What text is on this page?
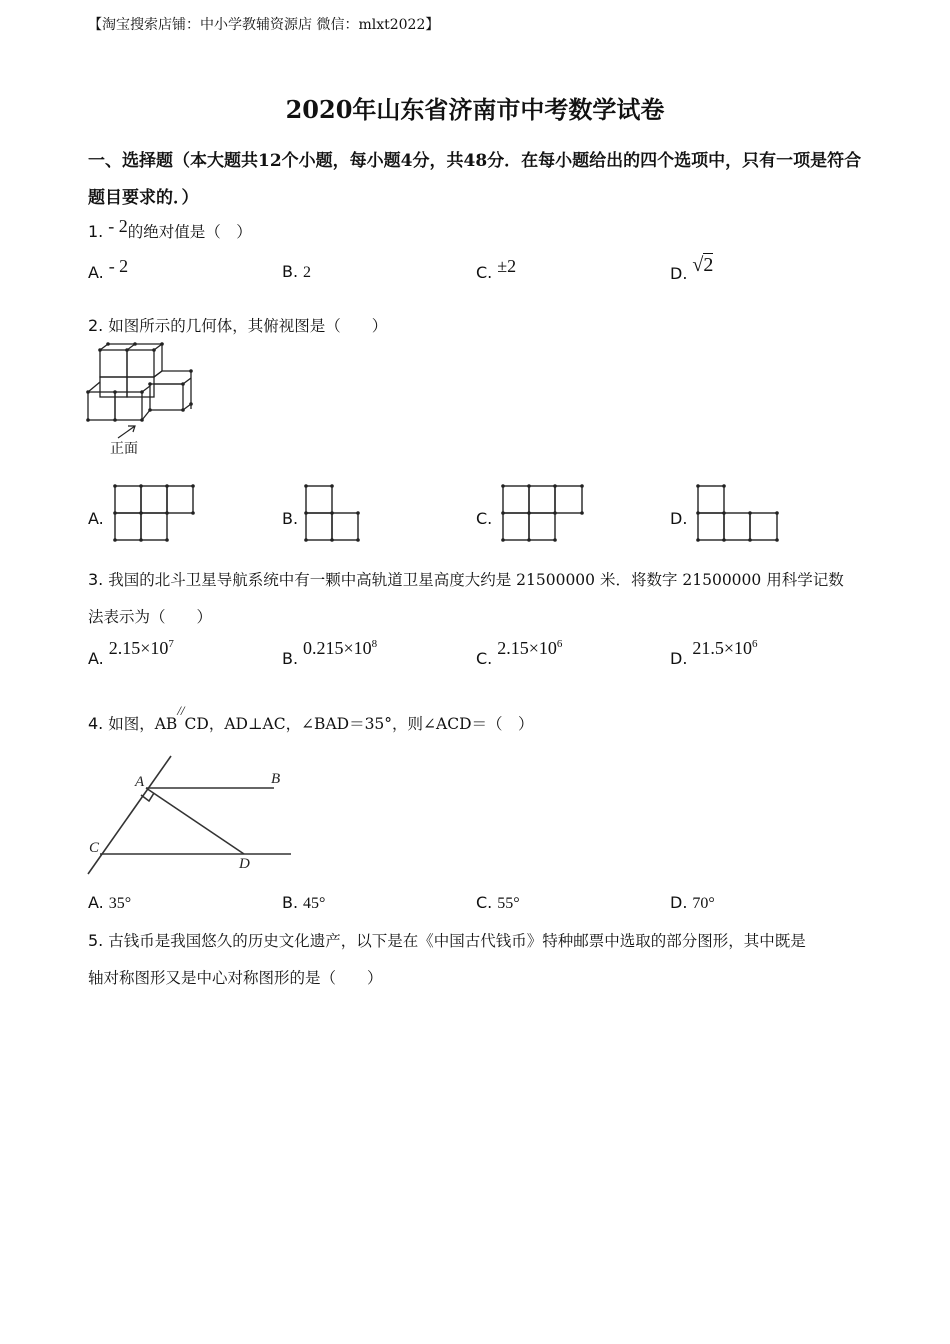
【淘宝搜索店铺：中小学教辅资源店 微信：mlxt2022】
2020年山东省济南市中考数学试卷
一、选择题（本大题共12个小题，每小题4分，共48分．在每小题给出的四个选项中，只有一项是符合题目要求的．）
1. - 2的绝对值是（　）
A. - 2	B. 2	C. ±2	D. √2
2. 如图所示的几何体，其俯视图是（　　）
正面
A.	B.	C.	D.
3. 我国的北斗卫星导航系统中有一颗中高轨道卫星高度大约是 21500000 米．将数字 21500000 用科学记数
法表示为（　　）
A. $2.15\times 10^7$
B. $0.215\times 10^8$
C. $2.15\times 10^6$
D. $21.5\times 10^6$
4. 如图，AB//CD，AD⊥AC，∠BAD＝35°，则∠ACD＝（　）
A	B
C
D
A. 35°	B. 45°	C. 55°	D. 70°
5. 古钱币是我国悠久的历史文化遗产，以下是在《中国古代钱币》特种邮票中选取的部分图形，其中既是
轴对称图形又是中心对称图形的是（　　）
